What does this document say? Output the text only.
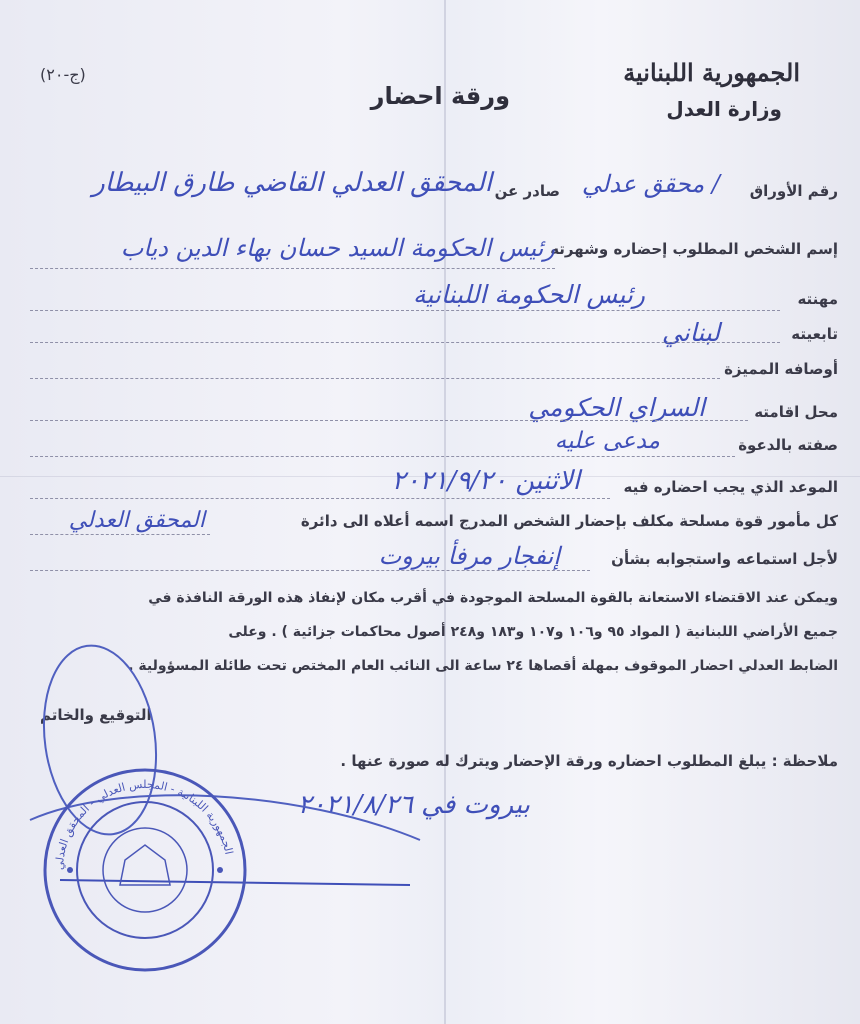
الجمهورية اللبنانية
وزارة العدل
ورقة احضار
(ج-٢٠)
رقم الأوراق
/ محقق عدلي
صادر عن
المحقق العدلي القاضي طارق البيطار
إسم الشخص المطلوب إحضاره وشهرته
رئيس الحكومة السيد حسان بهاء الدين دياب
مهنته
رئيس الحكومة اللبنانية
تابعيته
لبناني
أوصافه المميزة
محل اقامته
السراي الحكومي
صفته بالدعوة
مدعى عليه
الموعد الذي يجب احضاره فيه
الاثنين ٢٠٢١/٩/٢٠
كل مأمور قوة مسلحة مكلف بإحضار الشخص المدرج اسمه أعلاه الى دائرة
المحقق العدلي
لأجل استماعه واستجوابه بشأن
إنفجار مرفأ بيروت
ويمكن عند الاقتضاء الاستعانة بالقوة المسلحة الموجودة في أقرب مكان لإنفاذ هذه الورقة النافذة في
جميع الأراضي اللبنانية ( المواد ٩٥ و١٠٦ و١٠٧ و١٨٣ و٢٤٨ أصول محاكمات جزائية ) . وعلى
الضابط العدلي احضار الموقوف بمهلة أقصاها ٢٤ ساعة الى النائب العام المختص تحت طائلة المسؤولية .
التوقيع والخاتم
ملاحظة : يبلغ المطلوب احضاره ورقة الإحضار ويترك له صورة عنها .
بيروت في ٢٠٢١/٨/٢٦
الجمهورية اللبنانية - المجلس العدلي - المحقق العدلي
